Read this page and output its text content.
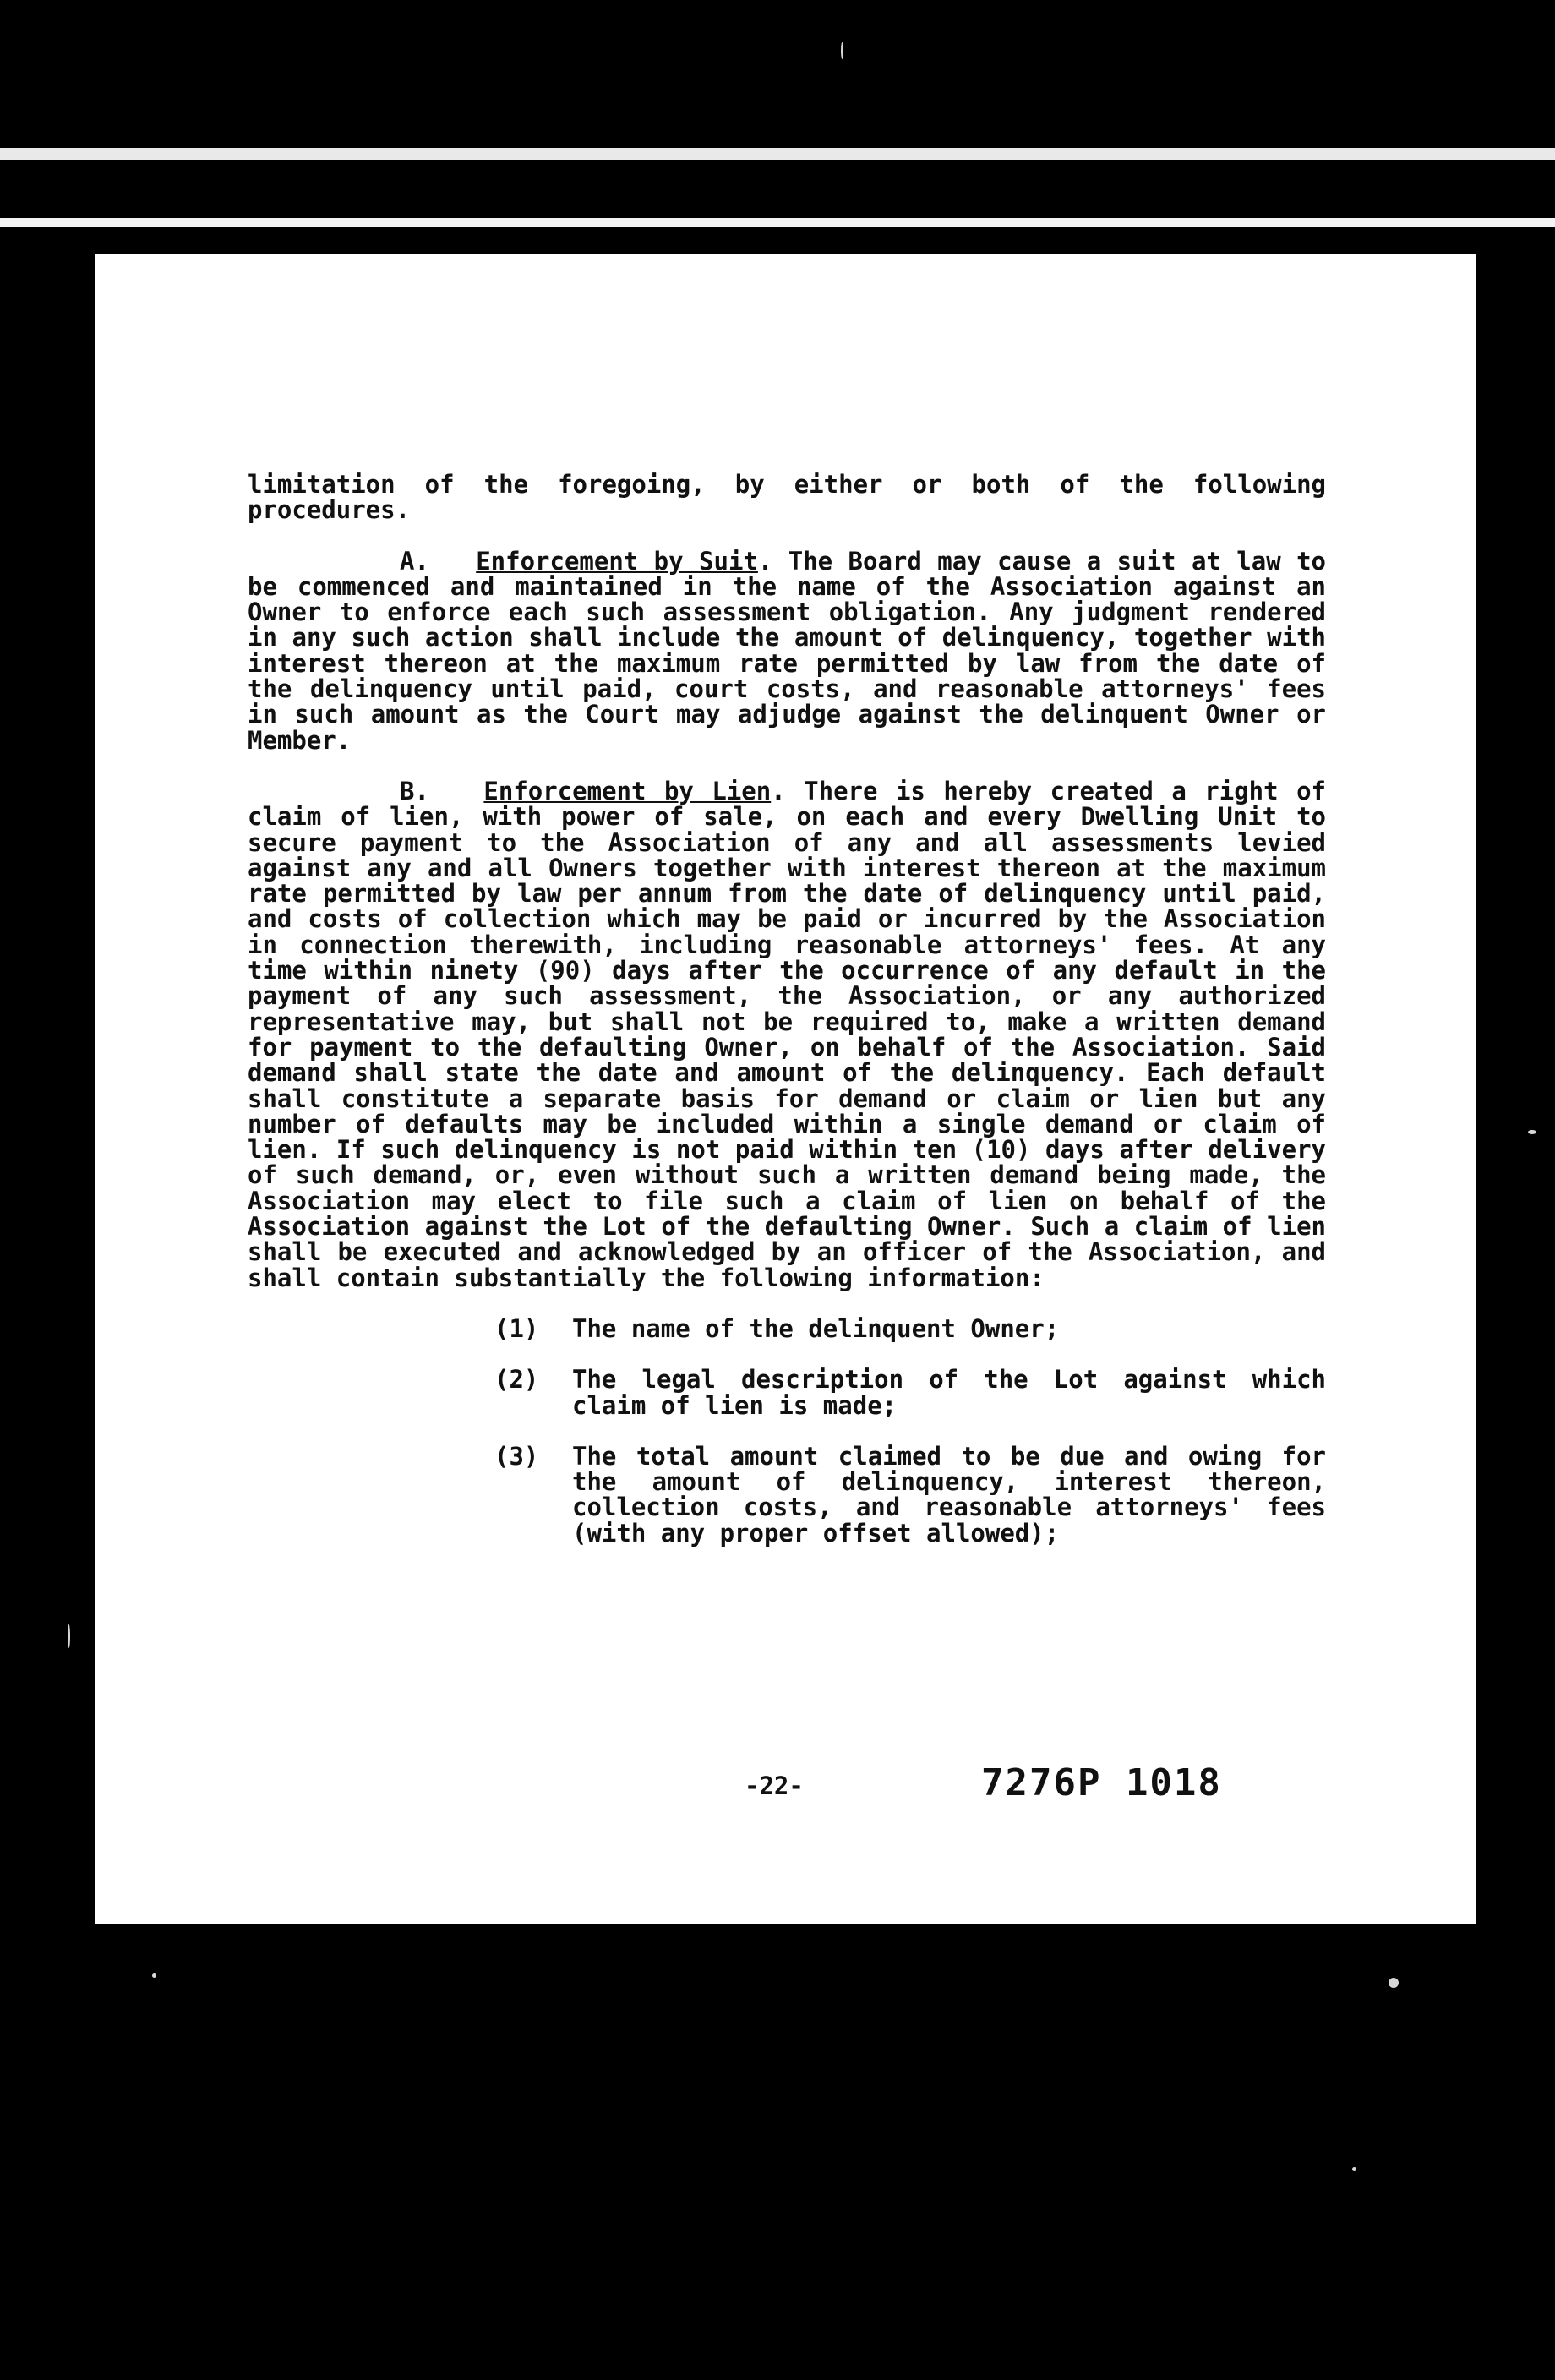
limitation of the foregoing, by either or both of the following procedures.

A. Enforcement by Suit. The Board may cause a suit at law to be commenced and maintained in the name of the Association against an Owner to enforce each such assessment obligation. Any judgment rendered in any such action shall include the amount of delinquency, together with interest thereon at the maximum rate permitted by law from the date of the delinquency until paid, court costs, and reasonable attorneys' fees in such amount as the Court may adjudge against the delinquent Owner or Member.

B. Enforcement by Lien. There is hereby created a right of claim of lien, with power of sale, on each and every Dwelling Unit to secure payment to the Association of any and all assessments levied against any and all Owners together with interest thereon at the maximum rate permitted by law per annum from the date of delinquency until paid, and costs of collection which may be paid or incurred by the Association in connection therewith, including reasonable attorneys' fees. At any time within ninety (90) days after the occurrence of any default in the payment of any such assessment, the Association, or any authorized representative may, but shall not be required to, make a written demand for payment to the defaulting Owner, on behalf of the Association. Said demand shall state the date and amount of the delinquency. Each default shall constitute a separate basis for demand or claim or lien but any number of defaults may be included within a single demand or claim of lien. If such delinquency is not paid within ten (10) days after delivery of such demand, or, even without such a written demand being made, the Association may elect to file such a claim of lien on behalf of the Association against the Lot of the defaulting Owner. Such a claim of lien shall be executed and acknowledged by an officer of the Association, and shall contain substantially the following information:

(1)	The name of the delinquent Owner;
(2)	The legal description of the Lot against which claim of lien is made;
(3)	The total amount claimed to be due and owing for the amount of delinquency, interest thereon, collection costs, and reasonable attorneys' fees (with any proper offset allowed);
-22-	7276P 1018
